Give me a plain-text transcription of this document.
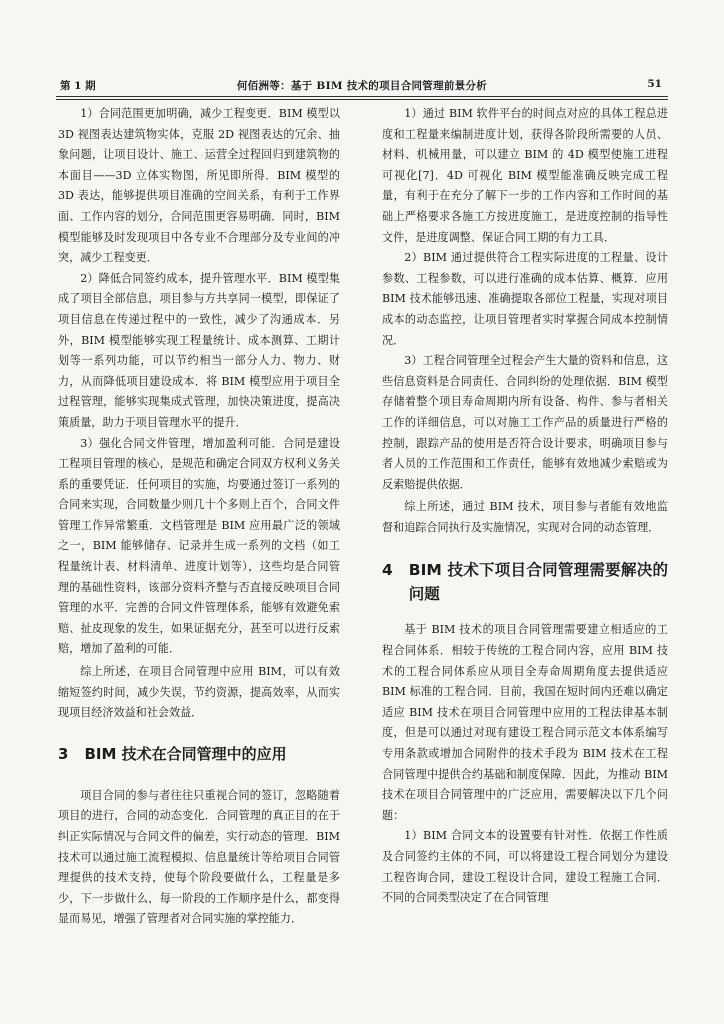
第 1 期	何佰洲等：基于 BIM 技术的项目合同管理前景分析	51

1）合同范围更加明确，减少工程变更．BIM 模型以 3D 视图表达建筑物实体，克服 2D 视图表达的冗余、抽象问题，让项目设计、施工、运营全过程回归到建筑物的本面目——3D 立体实物图，所见即所得．BIM 模型的 3D 表达，能够提供项目准确的空间关系，有利于工作界面、工作内容的划分，合同范围更容易明确．同时，BIM 模型能够及时发现项目中各专业不合理部分及专业间的冲突，减少工程变更．

2）降低合同签约成本，提升管理水平．BIM 模型集成了项目全部信息，项目参与方共享同一模型，即保证了项目信息在传递过程中的一致性，减少了沟通成本．另外，BIM 模型能够实现工程量统计、成本测算、工期计划等一系列功能，可以节约相当一部分人力、物力、财力，从而降低项目建设成本．将 BIM 模型应用于项目全过程管理，能够实现集成式管理，加快决策进度，提高决策质量，助力于项目管理水平的提升．

3）强化合同文件管理，增加盈利可能．合同是建设工程项目管理的核心，是规范和确定合同双方权利义务关系的重要凭证．任何项目的实施，均要通过签订一系列的合同来实现，合同数量少则几十个多则上百个，合同文件管理工作异常繁重．文档管理是 BIM 应用最广泛的领域之一，BIM 能够储存、记录并生成一系列的文档（如工程量统计表、材料清单、进度计划等），这些均是合同管理的基础性资料，该部分资料齐整与否直接反映项目合同管理的水平．完善的合同文件管理体系，能够有效避免索赔、扯皮现象的发生，如果证据充分，甚至可以进行反索赔，增加了盈利的可能．

综上所述，在项目合同管理中应用 BIM，可以有效缩短签约时间，减少失误，节约资源，提高效率，从而实现项目经济效益和社会效益．

3 BIM 技术在合同管理中的应用

项目合同的参与者往往只重视合同的签订，忽略随着项目的进行，合同的动态变化．合同管理的真正目的在于纠正实际情况与合同文件的偏差，实行动态的管理．BIM 技术可以通过施工流程模拟、信息量统计等给项目合同管理提供的技术支持，使每个阶段要做什么，工程量是多少，下一步做什么，每一阶段的工作顺序是什么，都变得显而易见，增强了管理者对合同实施的掌控能力．

1）通过 BIM 软件平台的时间点对应的具体工程总进度和工程量来编制进度计划，获得各阶段所需要的人员、材料、机械用量，可以建立 BIM 的 4D 模型使施工进程可视化[7]．4D 可视化 BIM 模型能准确反映完成工程量，有利于在充分了解下一步的工作内容和工作时间的基础上严格要求各施工方按进度施工，是进度控制的指导性文件，是进度调整、保证合同工期的有力工具．

2）BIM 通过提供符合工程实际进度的工程量、设计参数、工程参数，可以进行准确的成本估算、概算．应用 BIM 技术能够迅速、准确提取各部位工程量，实现对项目成本的动态监控，让项目管理者实时掌握合同成本控制情况．

3）工程合同管理全过程会产生大量的资料和信息，这些信息资料是合同责任、合同纠纷的处理依据．BIM 模型存储着整个项目寿命周期内所有设备、构件、参与者相关工作的详细信息，可以对施工工作产品的质量进行严格的控制，跟踪产品的使用是否符合设计要求，明确项目参与者人员的工作范围和工作责任，能够有效地减少索赔或为反索赔提供依据．

综上所述，通过 BIM 技术，项目参与者能有效地监督和追踪合同执行及实施情况，实现对合同的动态管理．

4 BIM 技术下项目合同管理需要解决的问题

基于 BIM 技术的项目合同管理需要建立相适应的工程合同体系．相较于传统的工程合同内容，应用 BIM 技术的工程合同体系应从项目全寿命周期角度去提供适应 BIM 标准的工程合同．目前，我国在短时间内还难以确定适应 BIM 技术在项目合同管理中应用的工程法律基本制度，但是可以通过对现有建设工程合同示范文本体系编写专用条款或增加合同附件的技术手段为 BIM 技术在工程合同管理中提供合约基础和制度保障．因此，为推动 BIM 技术在项目合同管理中的广泛应用，需要解决以下几个问题：

1）BIM 合同文本的设置要有针对性．依据工作性质及合同签约主体的不同，可以将建设工程合同划分为建设工程咨询合同，建设工程设计合同，建设工程施工合同．不同的合同类型决定了在合同管理
